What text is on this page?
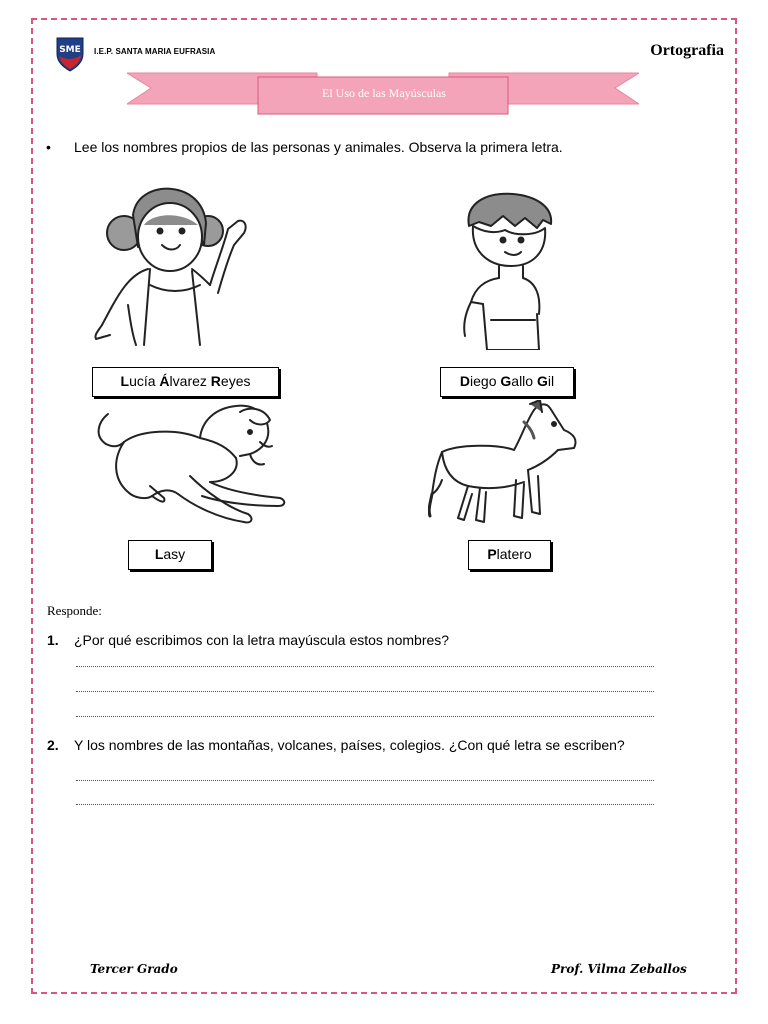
SME I.E.P. SANTA MARIA EUFRASIA	Ortografia
El Uso de las Mayúsculas
• Lee los nombres propios de las personas y animales. Observa la primera letra.
Lucía Álvarez Reyes	Diego Gallo Gil
Lasy	Platero
Responde:
1. ¿Por qué escribimos con la letra mayúscula estos nombres?
2. Y los nombres de las montañas, volcanes, países, colegios. ¿Con qué letra se escriben?
Tercer Grado	Prof. Vilma Zeballos
